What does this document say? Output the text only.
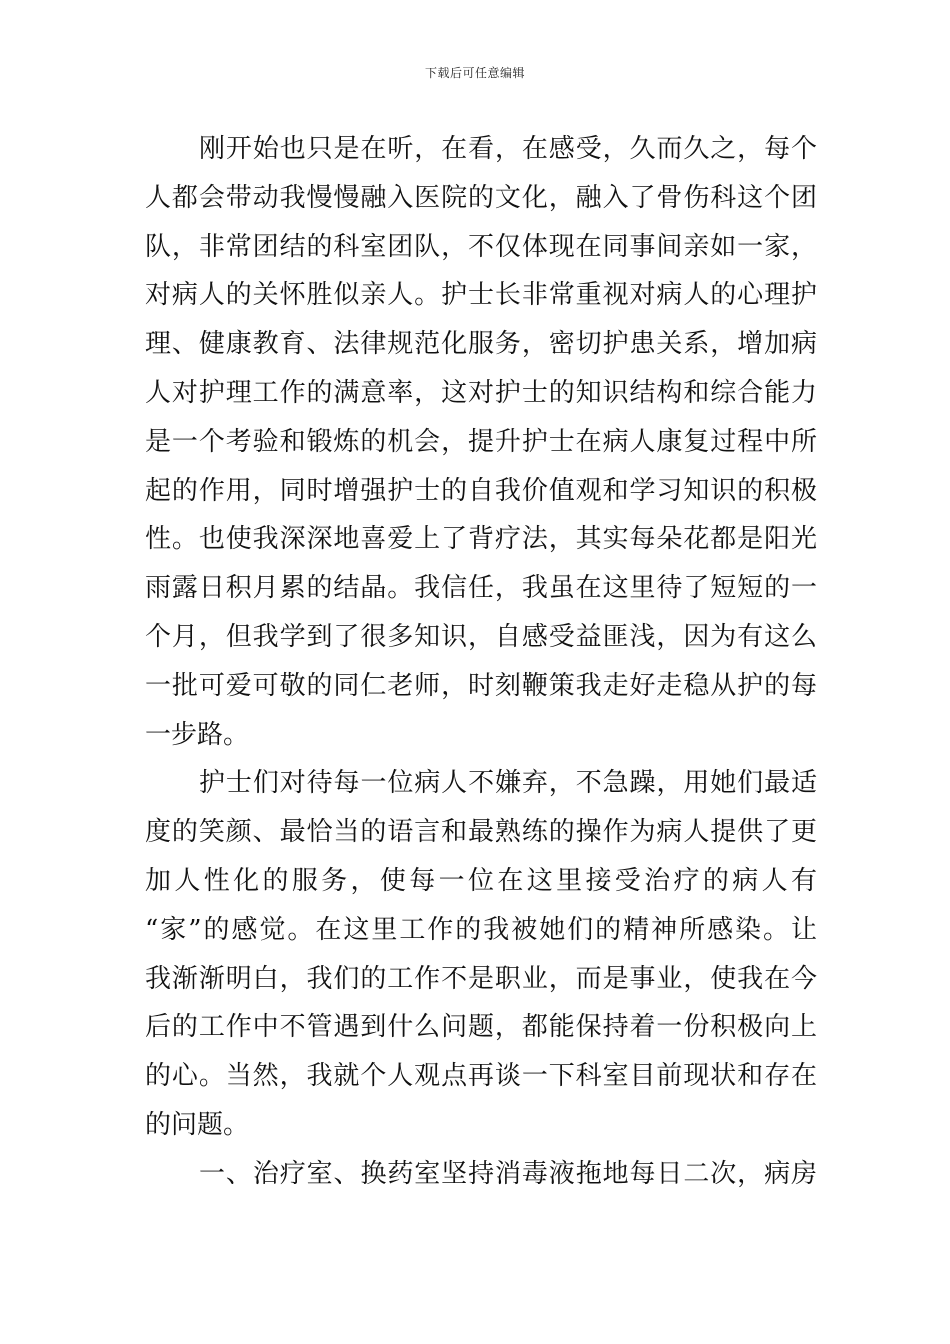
下载后可任意编辑
刚开始也只是在听，在看，在感受，久而久之，每个
人都会带动我慢慢融入医院的文化，融入了骨伤科这个团
队，非常团结的科室团队，不仅体现在同事间亲如一家，
对病人的关怀胜似亲人。护士长非常重视对病人的心理护
理、健康教育、法律规范化服务，密切护患关系，增加病
人对护理工作的满意率，这对护士的知识结构和综合能力
是一个考验和锻炼的机会，提升护士在病人康复过程中所
起的作用，同时增强护士的自我价值观和学习知识的积极
性。也使我深深地喜爱上了背疗法，其实每朵花都是阳光
雨露日积月累的结晶。我信任，我虽在这里待了短短的一
个月，但我学到了很多知识，自感受益匪浅，因为有这么
一批可爱可敬的同仁老师，时刻鞭策我走好走稳从护的每
一步路。
护士们对待每一位病人不嫌弃，不急躁，用她们最适
度的笑颜、最恰当的语言和最熟练的操作为病人提供了更
加人性化的服务，使每一位在这里接受治疗的病人有
“家”的感觉。在这里工作的我被她们的精神所感染。让
我渐渐明白，我们的工作不是职业，而是事业，使我在今
后的工作中不管遇到什么问题，都能保持着一份积极向上
的心。当然，我就个人观点再谈一下科室目前现状和存在
的问题。
一、治疗室、换药室坚持消毒液拖地每日二次，病房
